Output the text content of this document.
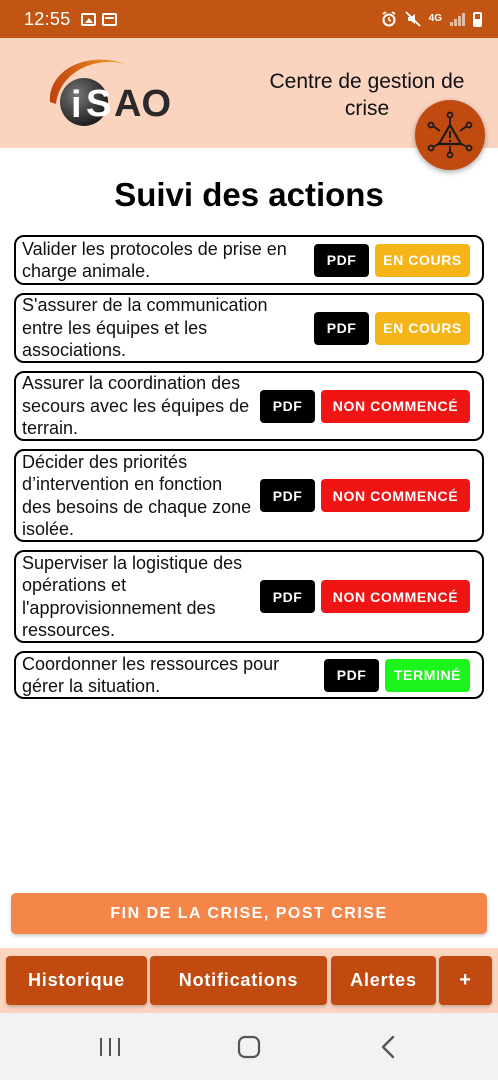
12:55	4G
i S AO
Centre de gestion de crise
Suivi des actions
Valider les protocoles de prise en charge animale.
PDF	EN COURS
S'assurer de la communication entre les équipes et les associations.
PDF	EN COURS
Assurer la coordination des secours avec les équipes de terrain.
PDF	NON COMMENCÉ
Décider des priorités d’intervention en fonction des besoins de chaque zone isolée.
PDF	NON COMMENCÉ
Superviser la logistique des opérations et l'approvisionnement des ressources.
PDF	NON COMMENCÉ
Coordonner les ressources pour gérer la situation.
PDF	TERMINÉ
FIN DE LA CRISE, POST CRISE
Historique	Notifications	Alertes	+
